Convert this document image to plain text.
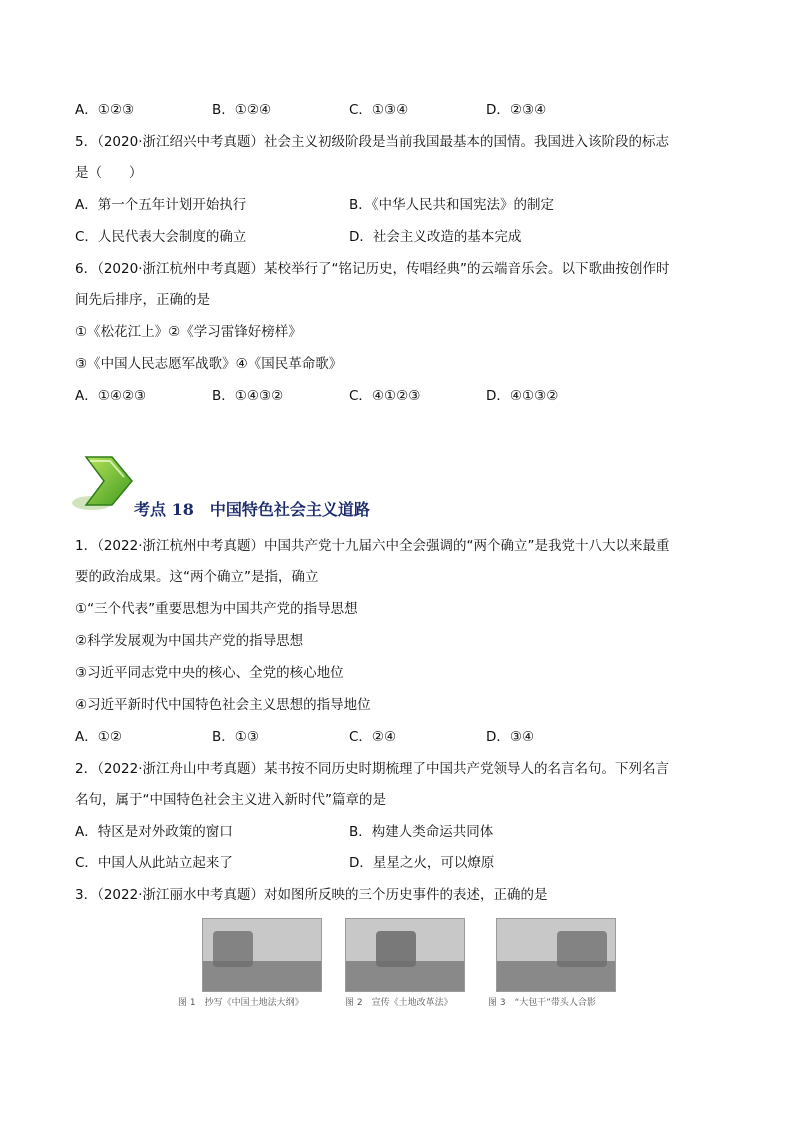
A．①②③	B．①②④	C．①③④	D．②③④
5．（2020·浙江绍兴中考真题）社会主义初级阶段是当前我国最基本的国情。我国进入该阶段的标志
是（　　）
A．第一个五年计划开始执行	B．《中华人民共和国宪法》的制定
C．人民代表大会制度的确立	D．社会主义改造的基本完成
6．（2020·浙江杭州中考真题）某校举行了“铭记历史，传唱经典”的云端音乐会。以下歌曲按创作时
间先后排序，正确的是
①《松花江上》②《学习雷锋好榜样》
③《中国人民志愿军战歌》④《国民革命歌》
A．①④②③	B．①④③②	C．④①②③	D．④①③②
考点 18　中国特色社会主义道路
1．（2022·浙江杭州中考真题）中国共产党十九届六中全会强调的“两个确立”是我党十八大以来最重
要的政治成果。这“两个确立”是指，确立
①“三个代表”重要思想为中国共产党的指导思想
②科学发展观为中国共产党的指导思想
③习近平同志党中央的核心、全党的核心地位
④习近平新时代中国特色社会主义思想的指导地位
A．①②	B．①③	C．②④	D．③④
2．（2022·浙江舟山中考真题）某书按不同历史时期梳理了中国共产党领导人的名言名句。下列名言
名句，属于“中国特色社会主义进入新时代”篇章的是
A．特区是对外政策的窗口	B．构建人类命运共同体
C．中国人从此站立起来了	D．星星之火，可以燎原
3．（2022·浙江丽水中考真题）对如图所反映的三个历史事件的表述，正确的是
图 1　抄写《中国土地法大纲》	图 2　宣传《土地改革法》	图 3　“大包干”带头人合影
